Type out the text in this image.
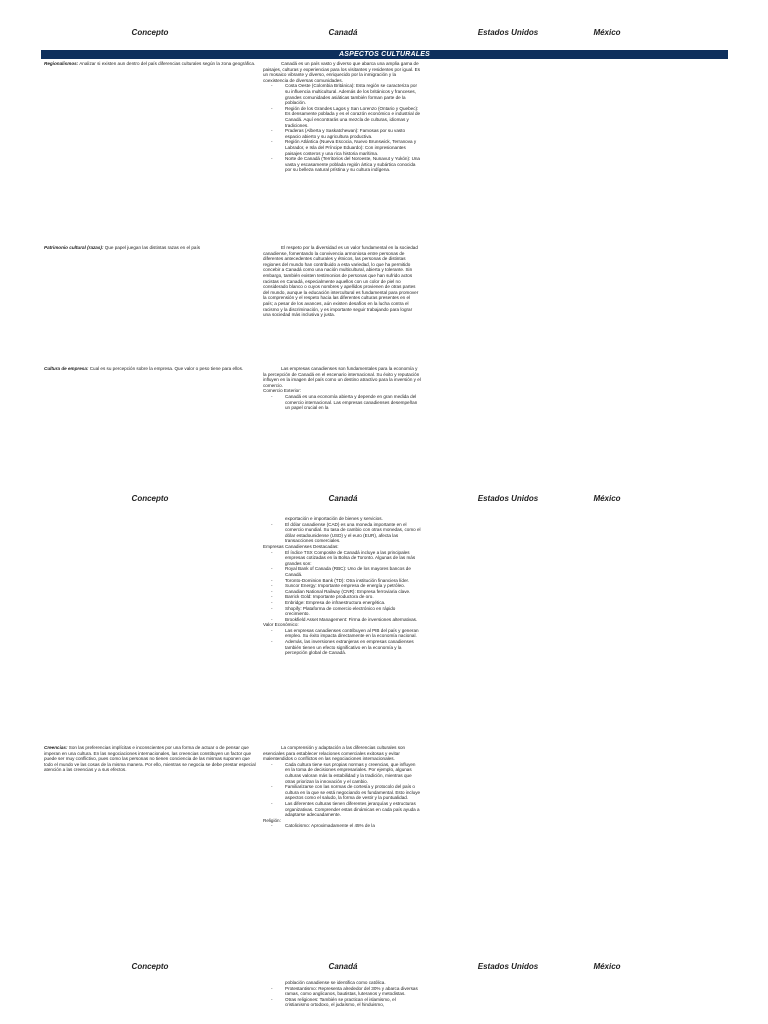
Concepto	Canadá	Estados Unidos	México
ASPECTOS CULTURALES
Regionalismos: Analizar si existen aun dentro del país diferencias culturales según la zona geográfica.	Canadá es un país vasto y diverso que abarca una amplia gama de paisajes, culturas y experiencias para los visitantes y residentes por igual. Es un mosaico vibrante y diverso, enriquecido por la inmigración y la coexistencia de diversas comunidades.

- Costa Oeste (Colombia Británica): Esta región se caracteriza por su influencia multicultural. Además de los británicos y franceses, grandes comunidades asiáticas también forman parte de la población.
- Región de los Grandes Lagos y San Lorenzo (Ontario y Quebec): Es densamente poblada y es el corazón económico e industrial de Canadá. Aquí encontrarás una mezcla de culturas, idiomas y tradiciones.
- Praderas (Alberta y Saskatchewan): Famosas por su vasto espacio abierto y su agricultura productiva.
- Región Atlántica (Nueva Escocia, Nuevo Brunswick, Terranova y Labrador, e Isla del Príncipe Eduardo): Con impresionantes paisajes costeros y una rica historia marítima.
- Norte de Canadá (Territorios del Noroeste, Nunavut y Yukón): Una vasta y escasamente poblada región ártica y subártica conocida por su belleza natural prístina y su cultura indígena.
Patrimonio cultural (razas): Que papel juegan las distintas razas en el país	El respeto por la diversidad es un valor fundamental en la sociedad canadiense, fomentando la convivencia armoniosa entre personas de diferentes antecedentes culturales y étnicos, las personas de distintas regiones del mundo han contribuido a esta variedad, lo que ha permitido concebir a Canadá como una nación multicultural, abierta y tolerante. Sin embargo, también existen testimonios de personas que han sufrido actos racistas en Canadá, especialmente aquellos con un color de piel no considerado blanco o cuyos nombres y apellidos provienen de otras partes del mundo, aunque la educación intercultural es fundamental para promover la comprensión y el respeto hacia las diferentes culturas presentes en el país; a pesar de los avances, aún existen desafíos en la lucha contra el racismo y la discriminación, y es importante seguir trabajando para lograr una sociedad más inclusiva y justa.

Cultura de empresa: Cual es su percepción sobre la empresa. Que valor o peso tiene para ellos.	Las empresas canadienses son fundamentales para la economía y la percepción de Canadá en el escenario internacional. Su éxito y reputación influyen en la imagen del país como un destino atractivo para la inversión y el comercio.

Comercio Exterior:

- Canadá es una economía abierta y depende en gran medida del comercio internacional. Las empresas canadienses desempeñan un papel crucial en la
Concepto	Canadá	Estados Unidos	México
exportación e importación de bienes y servicios.
- El dólar canadiense (CAD) es una moneda importante en el comercio mundial. Su tasa de cambio con otras monedas, como el dólar estadounidense (USD) y el euro (EUR), afecta las transacciones comerciales.

Empresas Canadienses Destacadas:

- El índice TSX Composite de Canadá incluye a las principales empresas cotizadas en la Bolsa de Toronto. Algunas de las más grandes son:
- Royal Bank of Canada (RBC): Uno de los mayores bancos de Canadá.
- Toronto-Dominion Bank (TD): Otra institución financiera líder.
- Suncor Energy: Importante empresa de energía y petróleo.
- Canadian National Railway (CNR): Empresa ferroviaria clave.
- Barrick Gold: Importante productora de oro.
- Enbridge: Empresa de infraestructura energética.
- Shopify: Plataforma de comercio electrónico en rápido crecimiento.
- Brookfield Asset Management: Firma de inversiones alternativas.

Valor Económico:

- Las empresas canadienses contribuyen al PIB del país y generan empleo. Su éxito impacta directamente en la economía nacional.
- Además, las inversiones extranjeras en empresas canadienses también tienen un efecto significativo en la economía y la percepción global de Canadá.
Creencias: Son las preferencias implícitas e inconscientes por una forma de actuar o de pensar que imperan en una cultura. En las negociaciones internacionales, las creencias constituyen un factor que puede ser muy conflictivo, pues como las personas no tienen conciencia de las mismas suponen que todo el mundo ve las cosas de la misma manera. Por ello, mientras se negocia se debe prestar especial atención a las creencias y a sus efectos.

La comprensión y adaptación a las diferencias culturales son esenciales para establecer relaciones comerciales exitosas y evitar malentendidos o conflictos en las negociaciones internacionales.

- Cada cultura tiene sus propias normas y creencias, que influyen en la toma de decisiones empresariales. Por ejemplo, algunas culturas valoran más la estabilidad y la tradición, mientras que otras priorizan la innovación y el cambio.
- Familiarizarse con las normas de cortesía y protocolo del país o cultura en la que se está negociando es fundamental. Esto incluye aspectos como el saludo, la forma de vestir y la puntualidad.
- Las diferentes culturas tienen diferentes jerarquías y estructuras organizativas. Comprender estas dinámicas en cada país ayuda a adaptarse adecuadamente.

Religión:

- Catolicismo: Aproximadamente el 45% de la
Concepto	Canadá	Estados Unidos	México
población canadiense se identifica como católica.
- Protestantismo: Representa alrededor del 30% y abarca diversas ramas, como anglicanos, bautistas, luteranos y metodistas.
- Otras religiones: También se practican el islamismo, el cristianismo ortodoxo, el judaísmo, el hinduismo,
